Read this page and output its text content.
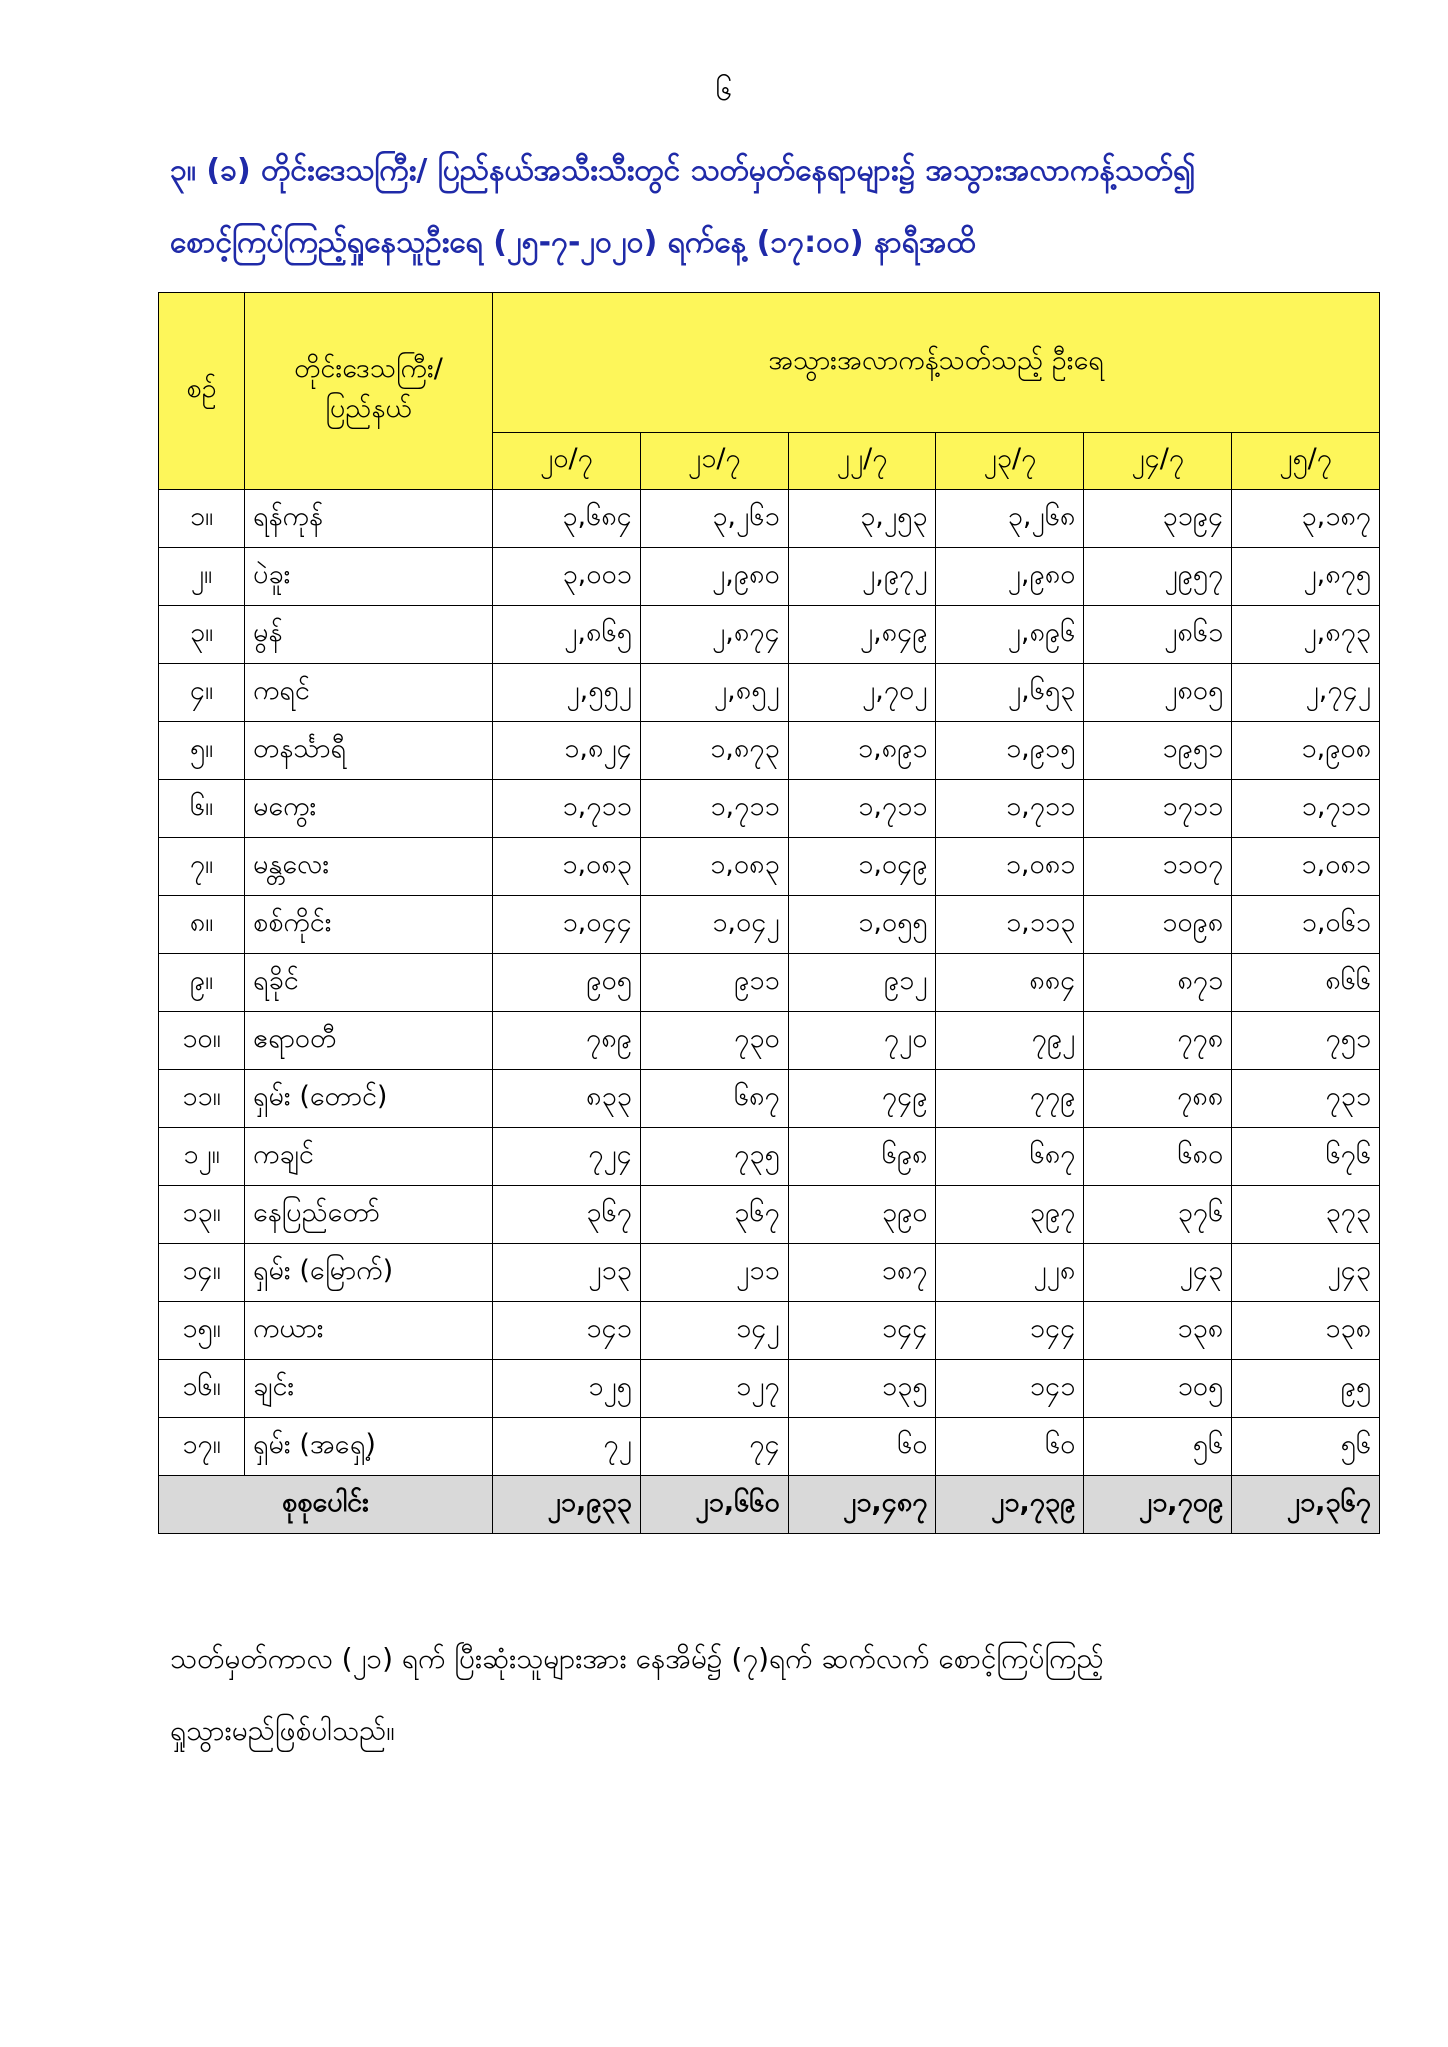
၆
၃။ (ခ) တိုင်းဒေသကြီး/ ပြည်နယ်အသီးသီးတွင် သတ်မှတ်နေရာများ၌ အသွားအလာကန့်သတ်၍
စောင့်ကြပ်ကြည့်ရှုနေသူဦးရေ (၂၅-၇-၂၀၂၀) ရက်နေ့ (၁၇:၀၀) နာရီအထိ
စဉ်	တိုင်းဒေသကြီး/ ပြည်နယ်	အသွားအလာကန့်သတ်သည့် ဦးရေ					
		၂၀/၇	၂၁/၇	၂၂/၇	၂၃/၇	၂၄/၇	၂၅/၇
၁။	ရန်ကုန်	၃,၆၈၄	၃,၂၆၁	၃,၂၅၃	၃,၂၆၈	၃၁၉၄	၃,၁၈၇
၂။	ပဲခူး	၃,၀၀၁	၂,၉၈၀	၂,၉၇၂	၂,၉၈၀	၂၉၅၇	၂,၈၇၅
၃။	မွန်	၂,၈၆၅	၂,၈၇၄	၂,၈၄၉	၂,၈၉၆	၂၈၆၁	၂,၈၇၃
၄။	ကရင်	၂,၅၅၂	၂,၈၅၂	၂,၇၀၂	၂,၆၅၃	၂၈၀၅	၂,၇၄၂
၅။	တနင်္သာရီ	၁,၈၂၄	၁,၈၇၃	၁,၈၉၁	၁,၉၁၅	၁၉၅၁	၁,၉၀၈
၆။	မကွေး	၁,၇၁၁	၁,၇၁၁	၁,၇၁၁	၁,၇၁၁	၁၇၁၁	၁,၇၁၁
၇။	မန္တလေး	၁,၀၈၃	၁,၀၈၃	၁,၀၄၉	၁,၀၈၁	၁၁၀၇	၁,၀၈၁
၈။	စစ်ကိုင်း	၁,၀၄၄	၁,၀၄၂	၁,၀၅၅	၁,၁၁၃	၁၀၉၈	၁,၀၆၁
၉။	ရခိုင်	၉၀၅	၉၁၁	၉၁၂	၈၈၄	၈၇၁	၈၆၆
၁၀။	ဧရာဝတီ	၇၈၉	၇၃၀	၇၂၀	၇၉၂	၇၇၈	၇၅၁
၁၁။	ရှမ်း (တောင်)	၈၃၃	၆၈၇	၇၄၉	၇၇၉	၇၈၈	၇၃၁
၁၂။	ကချင်	၇၂၄	၇၃၅	၆၉၈	၆၈၇	၆၈၀	၆၇၆
၁၃။	နေပြည်တော်	၃၆၇	၃၆၇	၃၉၀	၃၉၇	၃၇၆	၃၇၃
၁၄။	ရှမ်း (မြောက်)	၂၁၃	၂၁၁	၁၈၇	၂၂၈	၂၄၃	၂၄၃
၁၅။	ကယား	၁၄၁	၁၄၂	၁၄၄	၁၄၄	၁၃၈	၁၃၈
၁၆။	ချင်း	၁၂၅	၁၂၇	၁၃၅	၁၄၁	၁၀၅	၉၅
၁၇။	ရှမ်း (အရှေ့)	၇၂	၇၄	၆၀	၆၀	၅၆	၅၆
စုစုပေါင်း		၂၁,၉၃၃	၂၁,၆၆၀	၂၁,၄၈၇	၂၁,၇၃၉	၂၁,၇၀၉	၂၁,၃၆၇
သတ်မှတ်ကာလ (၂၁) ရက် ပြီးဆုံးသူများအား နေအိမ်၌ (၇)ရက် ဆက်လက် စောင့်ကြပ်ကြည့်
ရှုသွားမည်ဖြစ်ပါသည်။
